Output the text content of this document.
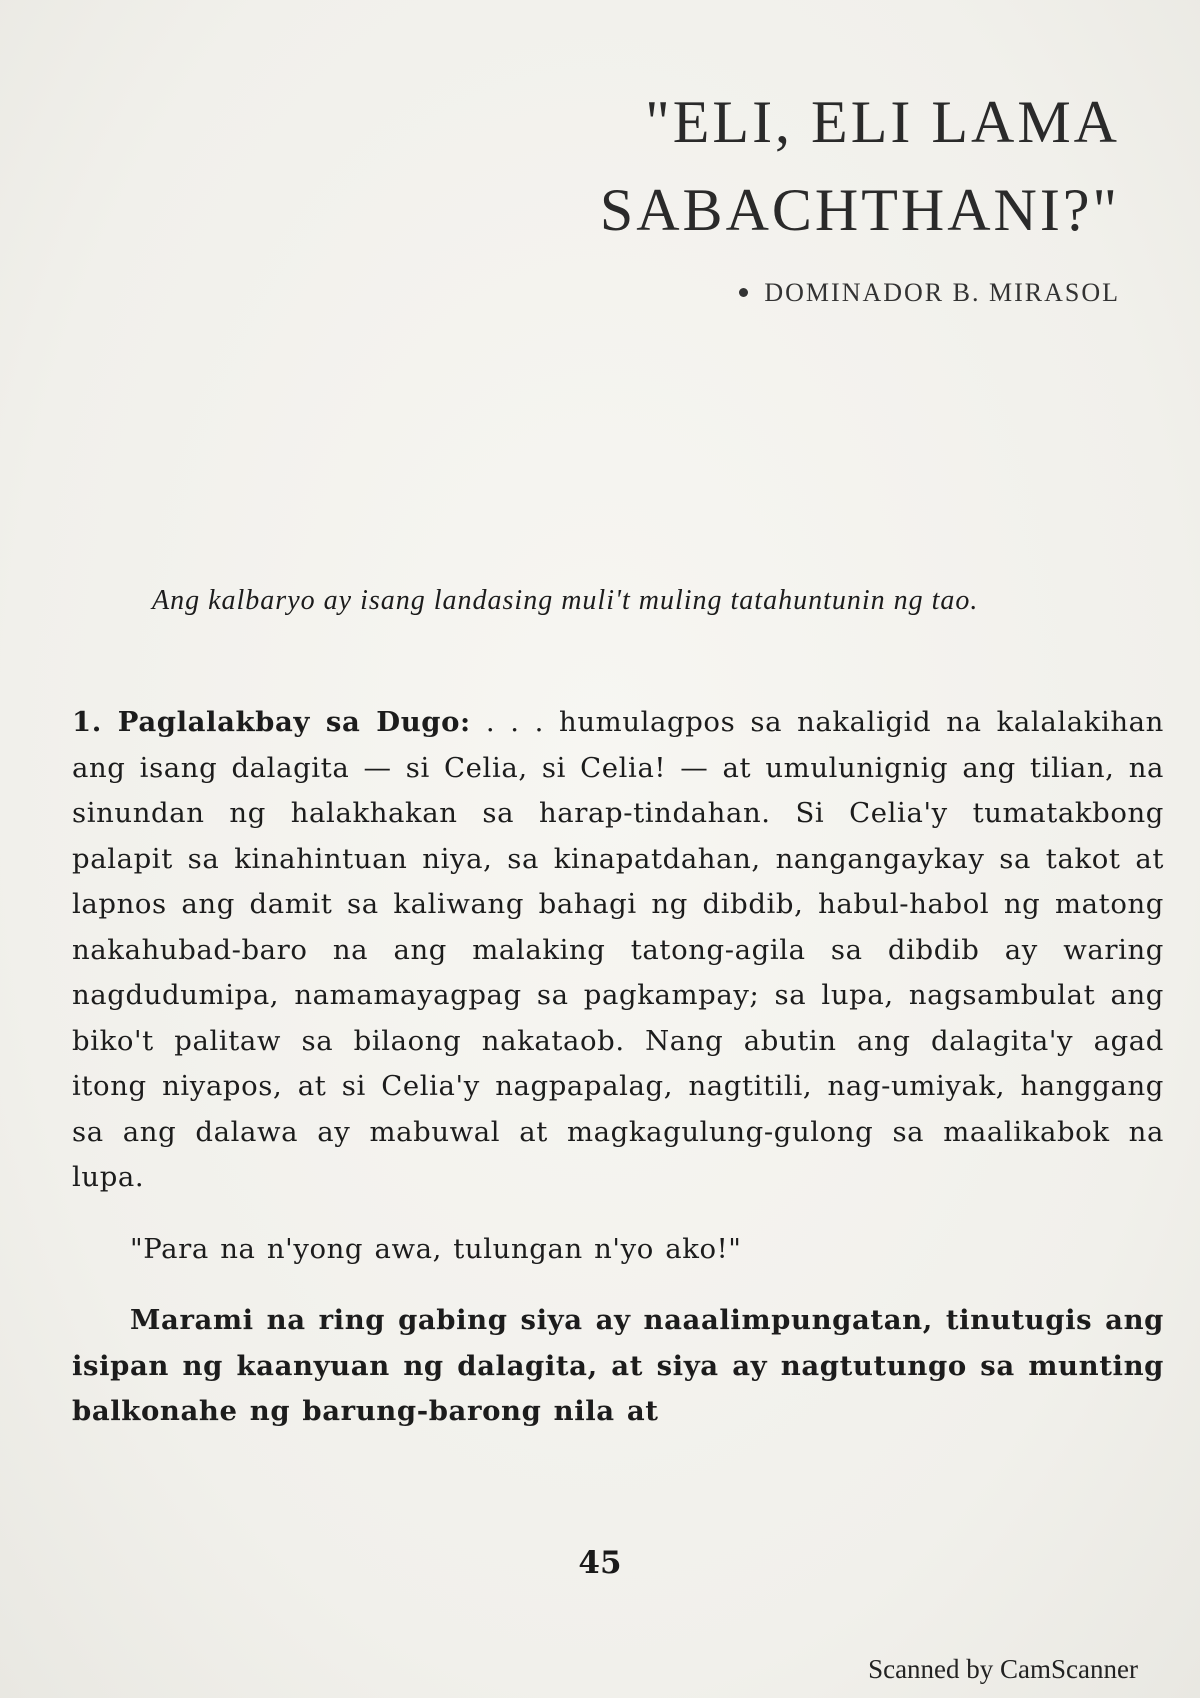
"ELI, ELI LAMA
SABACHTHANI?"
DOMINADOR B. MIRASOL

Ang kalbaryo ay isang landasing muli't muling tatahuntunin ng tao.

1. Paglalakbay sa Dugo: . . . humulagpos sa nakaligid na kalalakihan ang isang dalagita — si Celia, si Celia! — at umulunignig ang tilian, na sinundan ng halakhakan sa harap-tindahan. Si Celia'y tumatakbong palapit sa kinahintuan niya, sa kinapatdahan, nangangaykay sa takot at lapnos ang damit sa kaliwang bahagi ng dibdib, habul-habol ng matong nakahubad-baro na ang malaking tatong-agila sa dibdib ay waring nagdudumipa, namamayagpag sa pagkampay; sa lupa, nagsambulat ang biko't palitaw sa bilaong nakataob. Nang abutin ang dalagita'y agad itong niyapos, at si Celia'y nagpapalag, nagtitili, nag-umiyak, hanggang sa ang dalawa ay mabuwal at magkagulung-gulong sa maalikabok na lupa.

"Para na n'yong awa, tulungan n'yo ako!"

Marami na ring gabing siya ay naaalimpungatan, tinutugis ang isipan ng kaanyuan ng dalagita, at siya ay nagtutungo sa munting balkonahe ng barung-barong nila at

45
Scanned by CamScanner
